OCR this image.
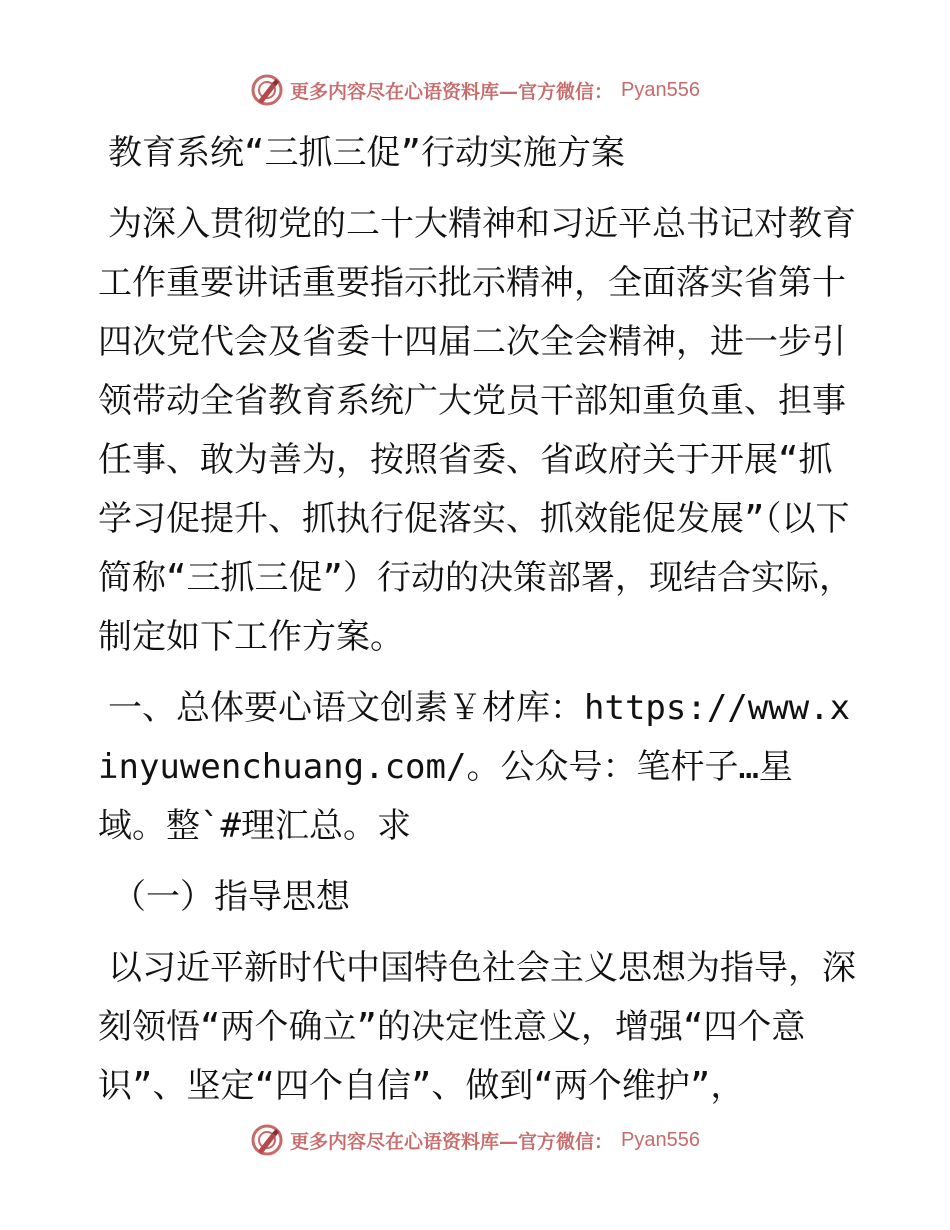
更多内容尽在心语资料库—官方微信： Pyan556
教育系统“三抓三促”行动实施方案
为深入贯彻党的二十大精神和习近平总书记对教育工作重要讲话重要指示批示精神，全面落实省第十四次党代会及省委十四届二次全会精神，进一步引领带动全省教育系统广大党员干部知重负重、担事任事、敢为善为，按照省委、省政府关于开展“抓学习促提升、抓执行促落实、抓效能促发展”（以下简称“三抓三促”）行动的决策部署，现结合实际，制定如下工作方案。
一、总体要心语文创素￥材库：https://www.xinyuwenchuang.com/。公众号：笔杆子…星域。整`#理汇总。求
（一）指导思想
以习近平新时代中国特色社会主义思想为指导，深刻领悟“两个确立”的决定性意义，增强“四个意识”、坚定“四个自信”、做到“两个维护”，
更多内容尽在心语资料库—官方微信： Pyan556
